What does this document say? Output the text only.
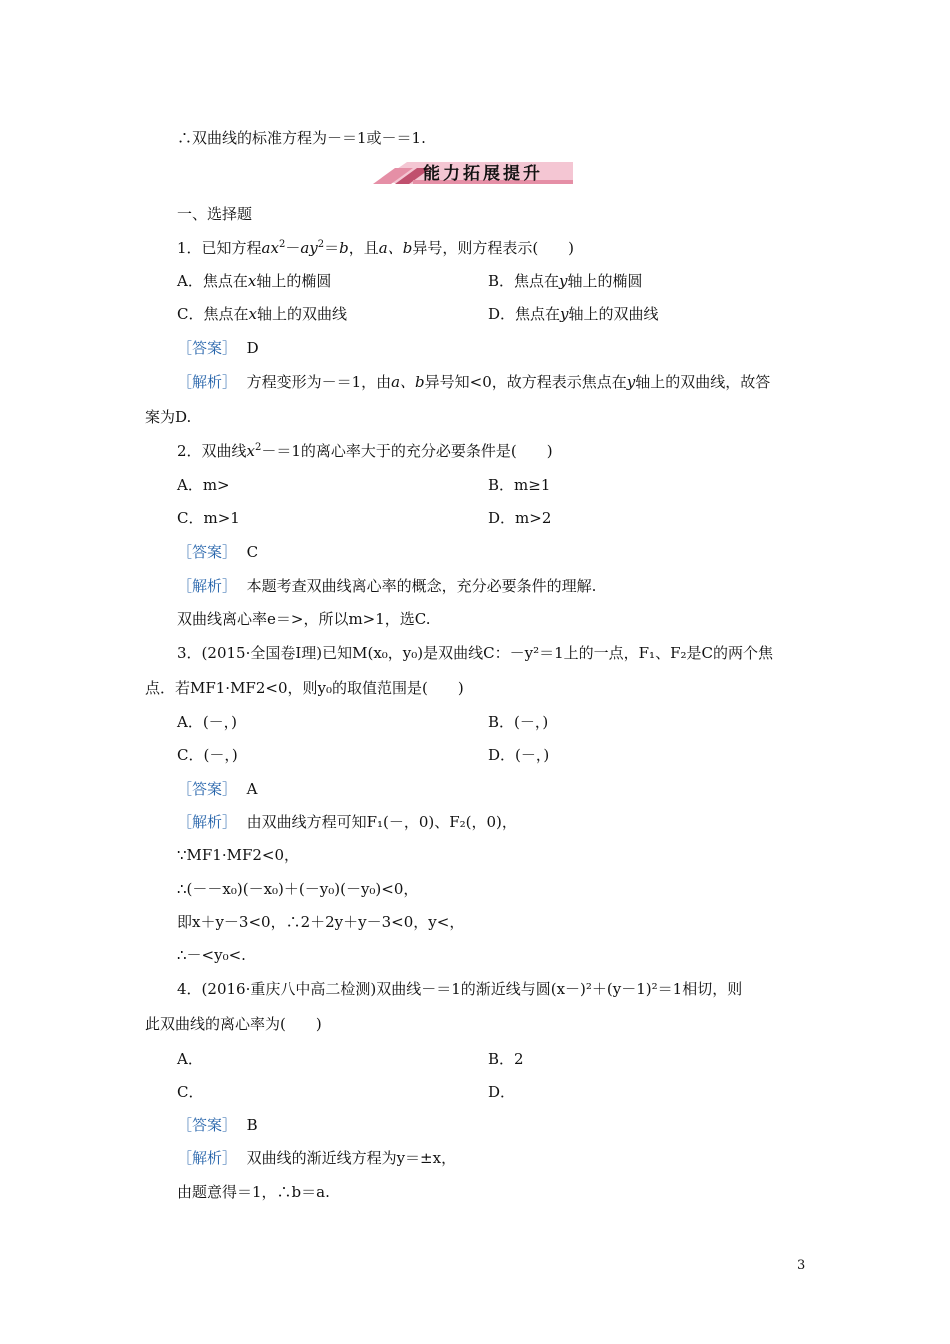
∴双曲线的标准方程为－＝1或－＝1.
能力拓展提升
一、选择题
1．已知方程$ax^2-ay^2=b$，且a、b异号，则方程表示(　　)
A．焦点在x轴上的椭圆	B．焦点在y轴上的椭圆
C．焦点在x轴上的双曲线	D．焦点在y轴上的双曲线
［答案］ D
［解析］ 方程变形为－＝1，由a、b异号知<0，故方程表示焦点在y轴上的双曲线，故答
案为D.
2．双曲线$x^2-=1$的离心率大于的充分必要条件是(　　)
A．m>	B．m≥1
C．m>1	D．m>2
［答案］ C
［解析］ 本题考查双曲线离心率的概念，充分必要条件的理解.
双曲线离心率e＝>，所以m>1，选C.
3．(2015·全国卷Ⅰ理)已知M(x₀，y₀)是双曲线C：－y²＝1上的一点，F₁、F₂是C的两个焦
点．若MF1·MF2<0，则y₀的取值范围是(　　)
A．(－，)	B．(－，)
C．(－，)	D．(－，)
［答案］ A
［解析］ 由双曲线方程可知F₁(－，0)、F₂(，0)，
∵MF1·MF2<0，
∴(－－x₀)(－x₀)＋(－y₀)(－y₀)<0，
即x＋y－3<0，∴2＋2y＋y－3<0，y<，
∴－<y₀<.
4．(2016·重庆八中高二检测)双曲线－＝1的渐近线与圆(x－)²＋(y－1)²＝1相切，则
此双曲线的离心率为(　　)
A．	B．2
C．	D．
［答案］ B
［解析］ 双曲线的渐近线方程为y＝±x，
由题意得＝1，∴b＝a.
3
